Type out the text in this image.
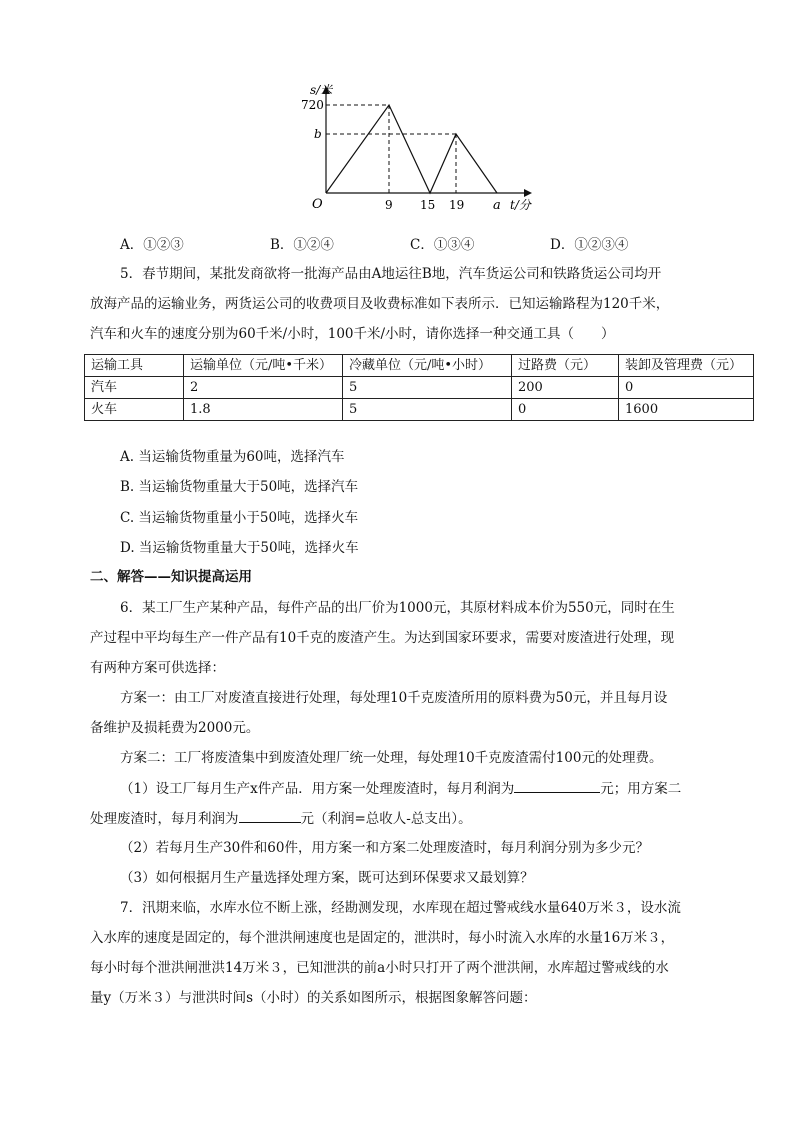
s/米
t/分
O
720
b
9 15 19 a
A．①②③	B．①②④	C．①③④	D．①②③④
5．春节期间，某批发商欲将一批海产品由A地运往B地，汽车货运公司和铁路货运公司均开
放海产品的运输业务，两货运公司的收费项目及收费标准如下表所示．已知运输路程为120千米，
汽车和火车的速度分别为60千米/小时，100千米/小时，请你选择一种交通工具（　　）
运输工具	运输单位（元/吨•千米）	冷藏单位（元/吨•小时）	过路费（元）	装卸及管理费（元）
汽车	2	5	200	0
火车	1.8	5	0	1600
A. 当运输货物重量为60吨，选择汽车
B. 当运输货物重量大于50吨，选择汽车
C. 当运输货物重量小于50吨，选择火车
D. 当运输货物重量大于50吨，选择火车
二、解答——知识提高运用
6．某工厂生产某种产品，每件产品的出厂价为1000元，其原材料成本价为550元，同时在生
产过程中平均每生产一件产品有10千克的废渣产生。为达到国家环要求，需要对废渣进行处理，现
有两种方案可供选择：
方案一：由工厂对废渣直接进行处理，每处理10千克废渣所用的原料费为50元，并且每月设
备维护及损耗费为2000元。
方案二：工厂将废渣集中到废渣处理厂统一处理，每处理10千克废渣需付100元的处理费。
（1）设工厂每月生产x件产品．用方案一处理废渣时，每月利润为	元；用方案二
处理废渣时，每月利润为	元（利润=总收人-总支出）。
（2）若每月生产30件和60件，用方案一和方案二处理废渣时，每月利润分别为多少元？
（3）如何根据月生产量选择处理方案，既可达到环保要求又最划算？
7．汛期来临，水库水位不断上涨，经勘测发现，水库现在超过警戒线水量640万米３，设水流
入水库的速度是固定的，每个泄洪闸速度也是固定的，泄洪时，每小时流入水库的水量16万米３，
每小时每个泄洪闸泄洪14万米３，已知泄洪的前a小时只打开了两个泄洪闸，水库超过警戒线的水
量y（万米３）与泄洪时间s（小时）的关系如图所示，根据图象解答问题：
